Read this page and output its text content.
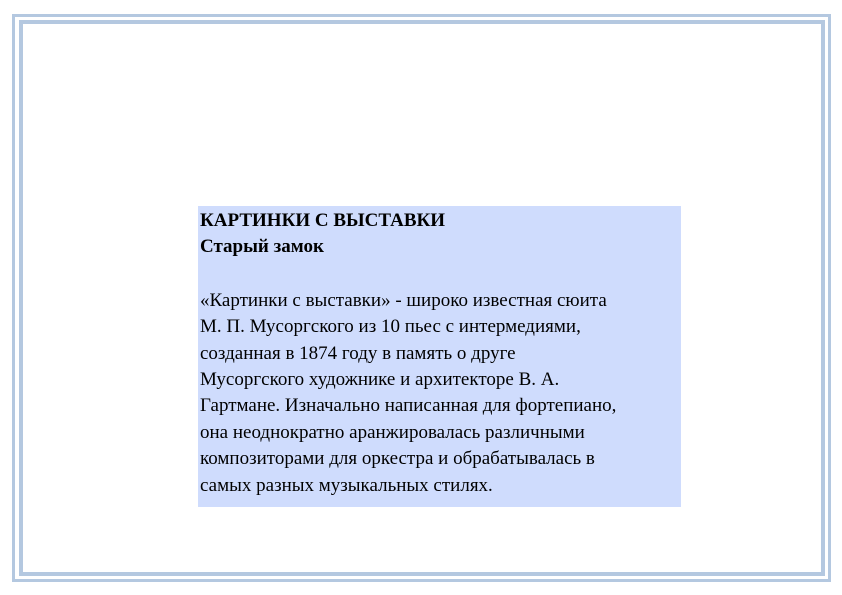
КАРТИНКИ С ВЫСТАВКИ
Старый замок

«Картинки с выставки» - широко известная сюита
М. П. Мусоргского из 10 пьес с интермедиями,
созданная в 1874 году в память о друге
Мусоргского художнике и архитекторе В. А.
Гартмане. Изначально написанная для фортепиано,
она неоднократно аранжировалась различными
композиторами для оркестра и обрабатывалась в
самых разных музыкальных стилях.
